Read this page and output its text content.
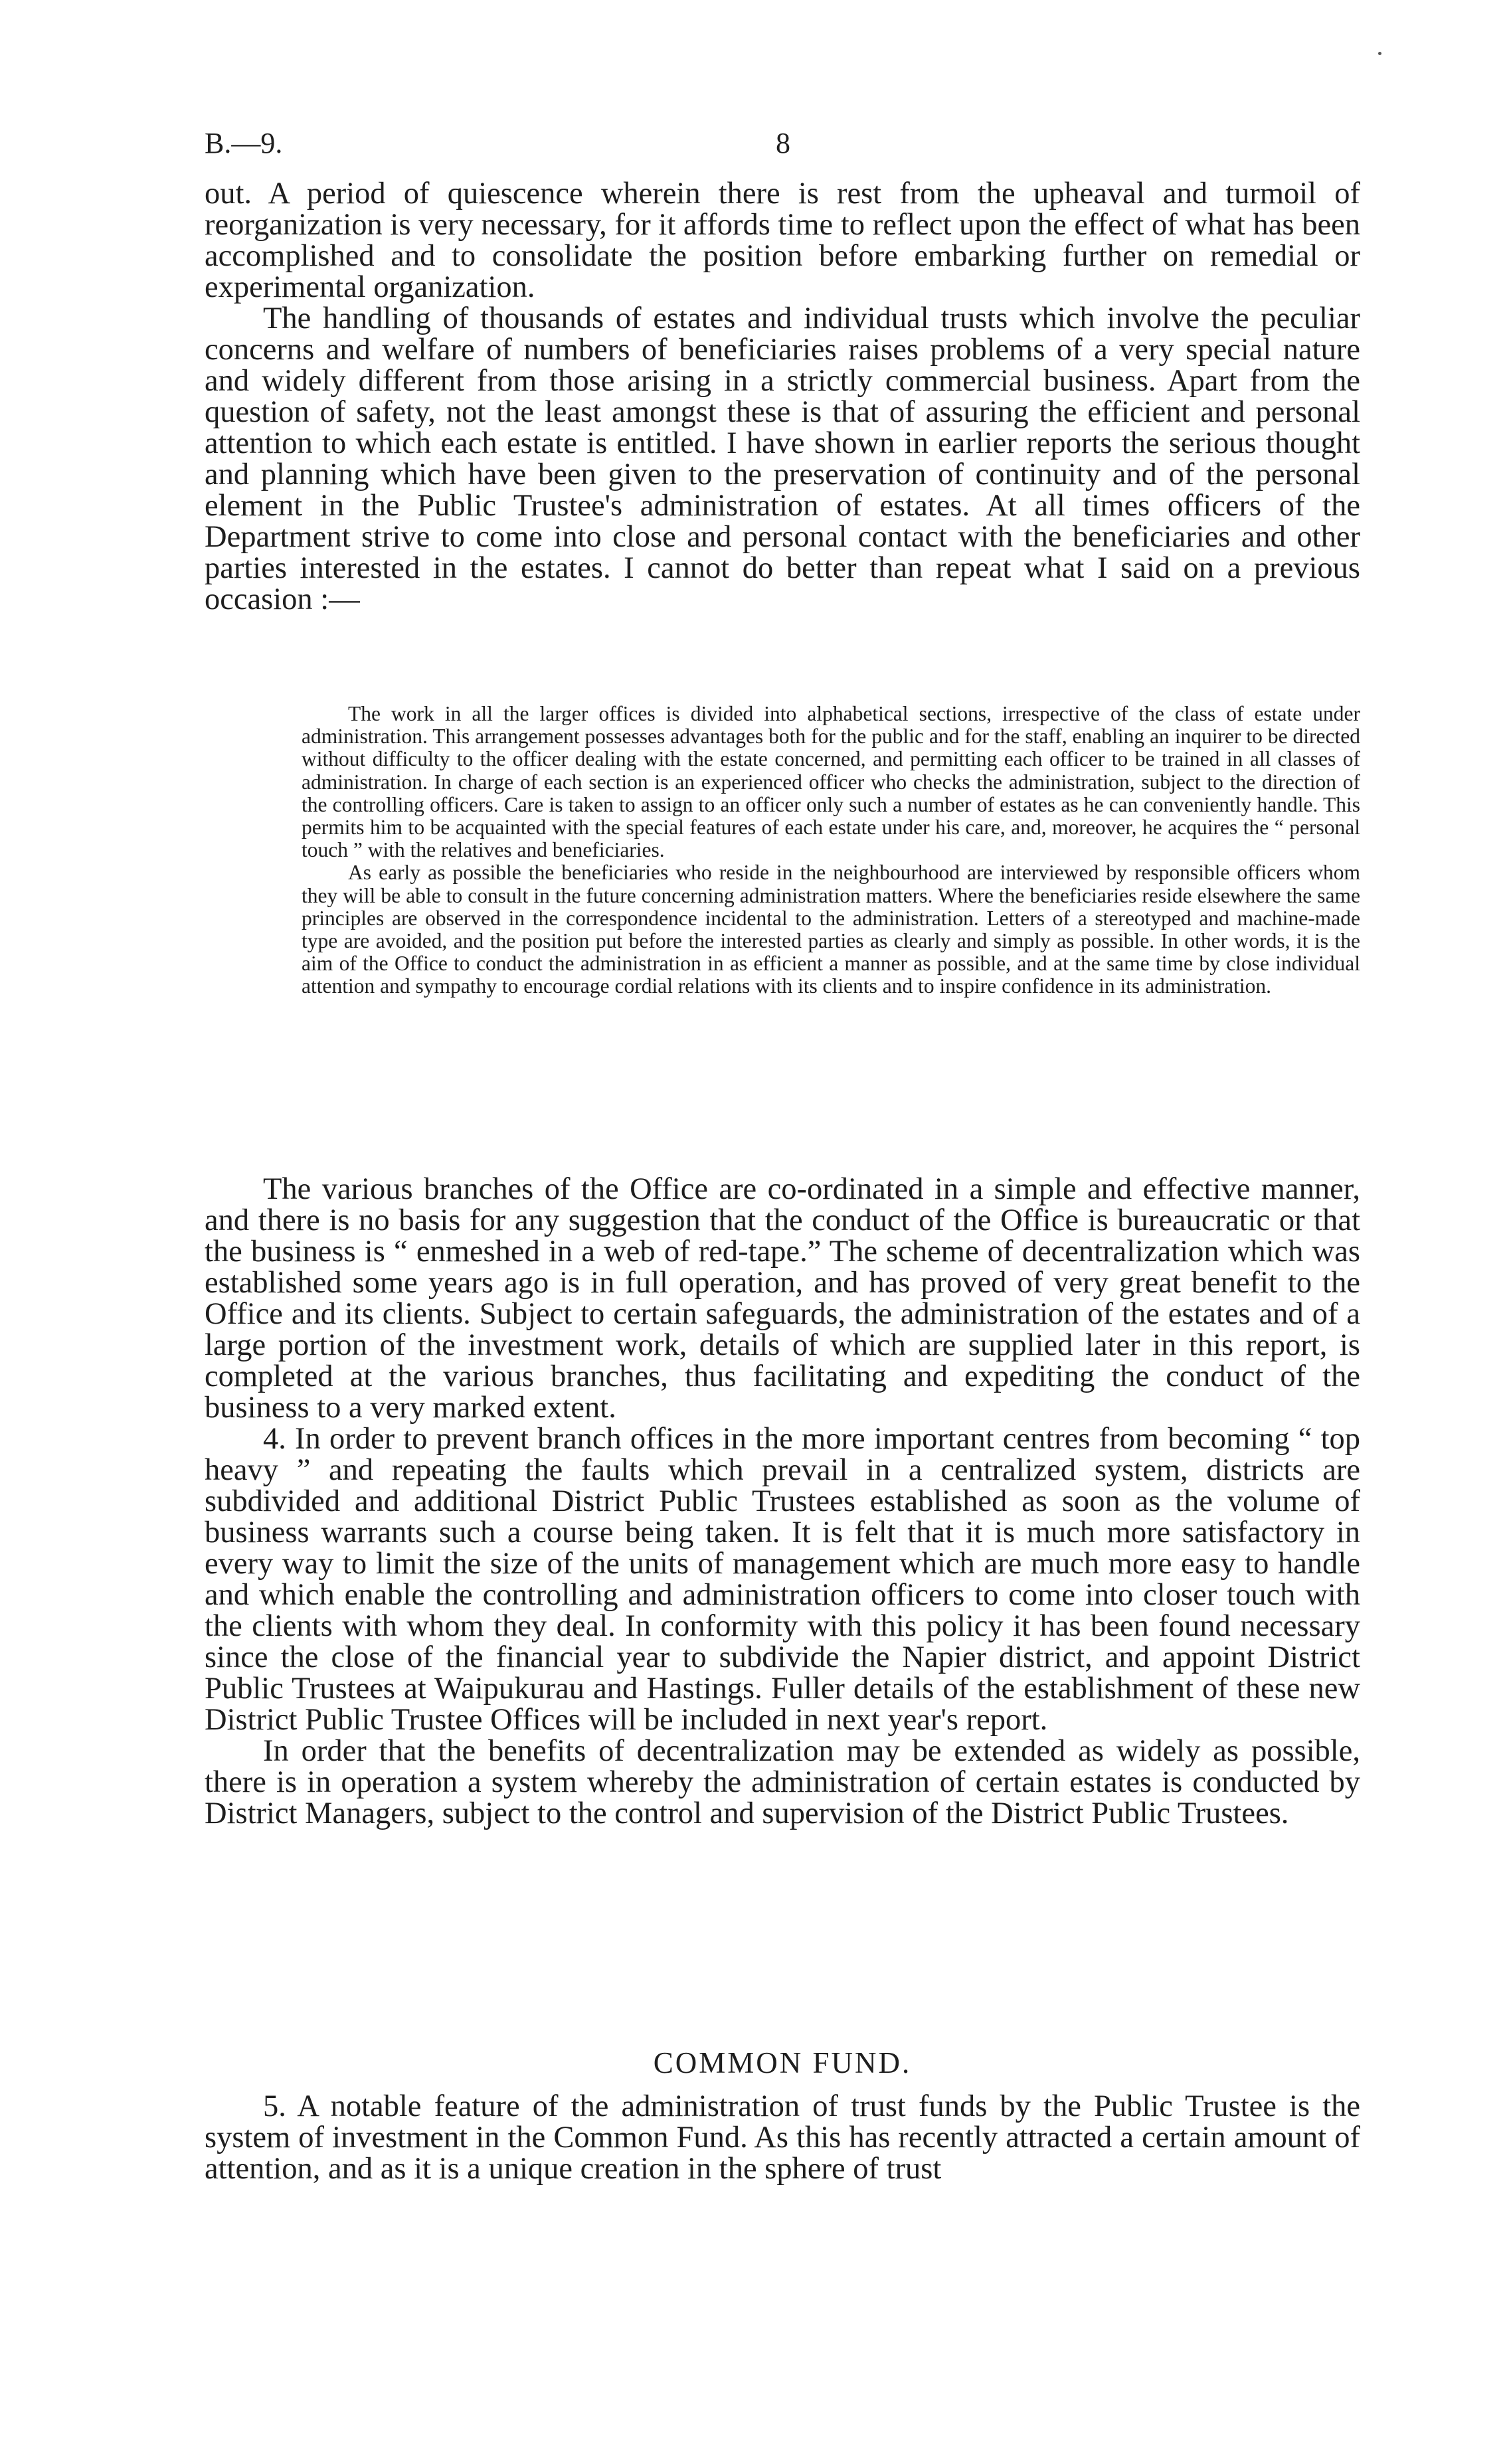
B.—9.	8

out. A period of quiescence wherein there is rest from the upheaval and turmoil of reorganization is very necessary, for it affords time to reflect upon the effect of what has been accomplished and to consolidate the position before embarking further on remedial or experimental organization.

The handling of thousands of estates and individual trusts which involve the peculiar concerns and welfare of numbers of beneficiaries raises problems of a very special nature and widely different from those arising in a strictly commercial business. Apart from the question of safety, not the least amongst these is that of assuring the efficient and personal attention to which each estate is entitled. I have shown in earlier reports the serious thought and planning which have been given to the preservation of continuity and of the personal element in the Public Trustee's administration of estates. At all times officers of the Department strive to come into close and personal contact with the beneficiaries and other parties interested in the estates. I cannot do better than repeat what I said on a previous occasion :—

The work in all the larger offices is divided into alphabetical sections, irrespective of the class of estate under administration. This arrangement possesses advantages both for the public and for the staff, enabling an inquirer to be directed without difficulty to the officer dealing with the estate concerned, and permitting each officer to be trained in all classes of administration. In charge of each section is an experienced officer who checks the administration, subject to the direction of the controlling officers. Care is taken to assign to an officer only such a number of estates as he can conveniently handle. This permits him to be acquainted with the special features of each estate under his care, and, moreover, he acquires the “ personal touch ” with the relatives and beneficiaries.

As early as possible the beneficiaries who reside in the neighbourhood are interviewed by responsible officers whom they will be able to consult in the future concerning administration matters. Where the beneficiaries reside elsewhere the same principles are observed in the correspondence incidental to the administration. Letters of a stereotyped and machine-made type are avoided, and the position put before the interested parties as clearly and simply as possible. In other words, it is the aim of the Office to conduct the administration in as efficient a manner as possible, and at the same time by close individual attention and sympathy to encourage cordial relations with its clients and to inspire confidence in its administration.

The various branches of the Office are co-ordinated in a simple and effective manner, and there is no basis for any suggestion that the conduct of the Office is bureaucratic or that the business is “ enmeshed in a web of red-tape.” The scheme of decentralization which was established some years ago is in full operation, and has proved of very great benefit to the Office and its clients. Subject to certain safeguards, the administration of the estates and of a large portion of the investment work, details of which are supplied later in this report, is completed at the various branches, thus facilitating and expediting the conduct of the business to a very marked extent.

4. In order to prevent branch offices in the more important centres from becoming “ top heavy ” and repeating the faults which prevail in a centralized system, districts are subdivided and additional District Public Trustees established as soon as the volume of business warrants such a course being taken. It is felt that it is much more satisfactory in every way to limit the size of the units of management which are much more easy to handle and which enable the controlling and administration officers to come into closer touch with the clients with whom they deal. In conformity with this policy it has been found necessary since the close of the financial year to subdivide the Napier district, and appoint District Public Trustees at Waipukurau and Hastings. Fuller details of the establishment of these new District Public Trustee Offices will be included in next year's report.

In order that the benefits of decentralization may be extended as widely as possible, there is in operation a system whereby the administration of certain estates is conducted by District Managers, subject to the control and supervision of the District Public Trustees.

COMMON FUND.

5. A notable feature of the administration of trust funds by the Public Trustee is the system of investment in the Common Fund. As this has recently attracted a certain amount of attention, and as it is a unique creation in the sphere of trust
